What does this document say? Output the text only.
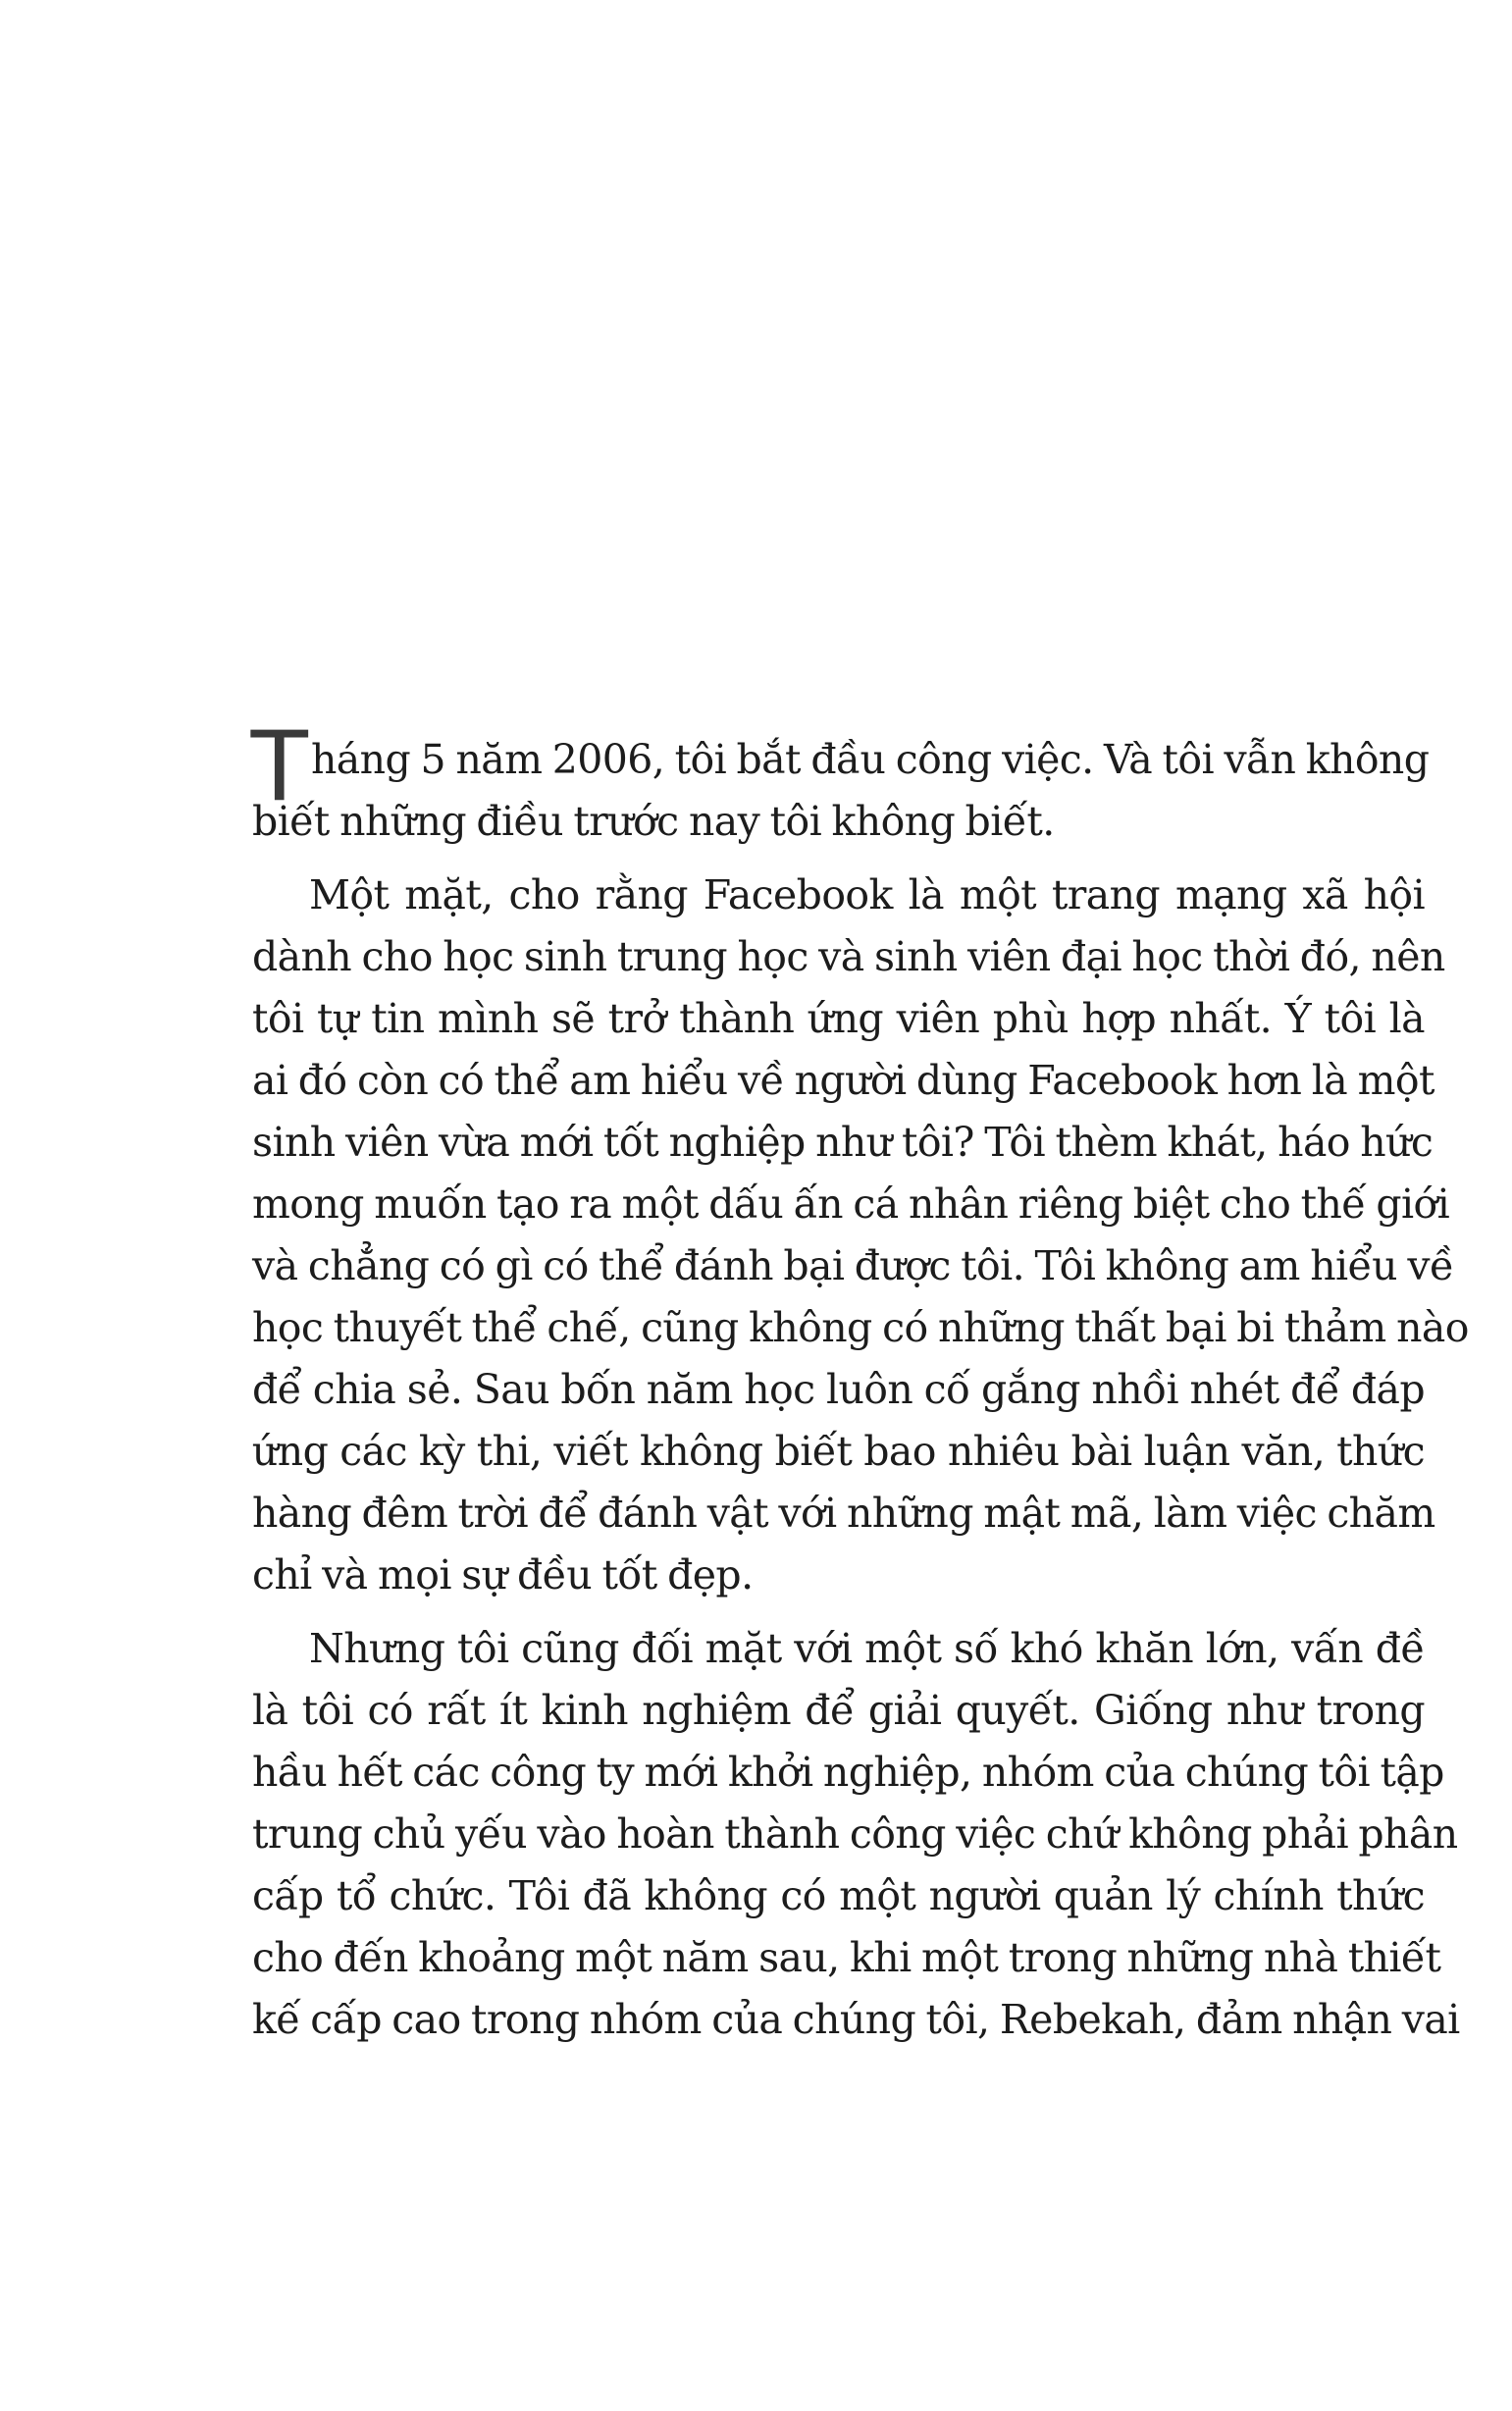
T háng 5 năm 2006, tôi bắt đầu công việc. Và tôi vẫn không
biết những điều trước nay tôi không biết.
Một mặt, cho rằng Facebook là một trang mạng xã hội
dành cho học sinh trung học và sinh viên đại học thời đó, nên
tôi tự tin mình sẽ trở thành ứng viên phù hợp nhất. Ý tôi là
ai đó còn có thể am hiểu về người dùng Facebook hơn là một
sinh viên vừa mới tốt nghiệp như tôi? Tôi thèm khát, háo hức
mong muốn tạo ra một dấu ấn cá nhân riêng biệt cho thế giới
và chẳng có gì có thể đánh bại được tôi. Tôi không am hiểu về
học thuyết thể chế, cũng không có những thất bại bi thảm nào
để chia sẻ. Sau bốn năm học luôn cố gắng nhồi nhét để đáp
ứng các kỳ thi, viết không biết bao nhiêu bài luận văn, thức
hàng đêm trời để đánh vật với những mật mã, làm việc chăm
chỉ và mọi sự đều tốt đẹp.
Nhưng tôi cũng đối mặt với một số khó khăn lớn, vấn đề
là tôi có rất ít kinh nghiệm để giải quyết. Giống như trong
hầu hết các công ty mới khởi nghiệp, nhóm của chúng tôi tập
trung chủ yếu vào hoàn thành công việc chứ không phải phân
cấp tổ chức. Tôi đã không có một người quản lý chính thức
cho đến khoảng một năm sau, khi một trong những nhà thiết
kế cấp cao trong nhóm của chúng tôi, Rebekah, đảm nhận vai
